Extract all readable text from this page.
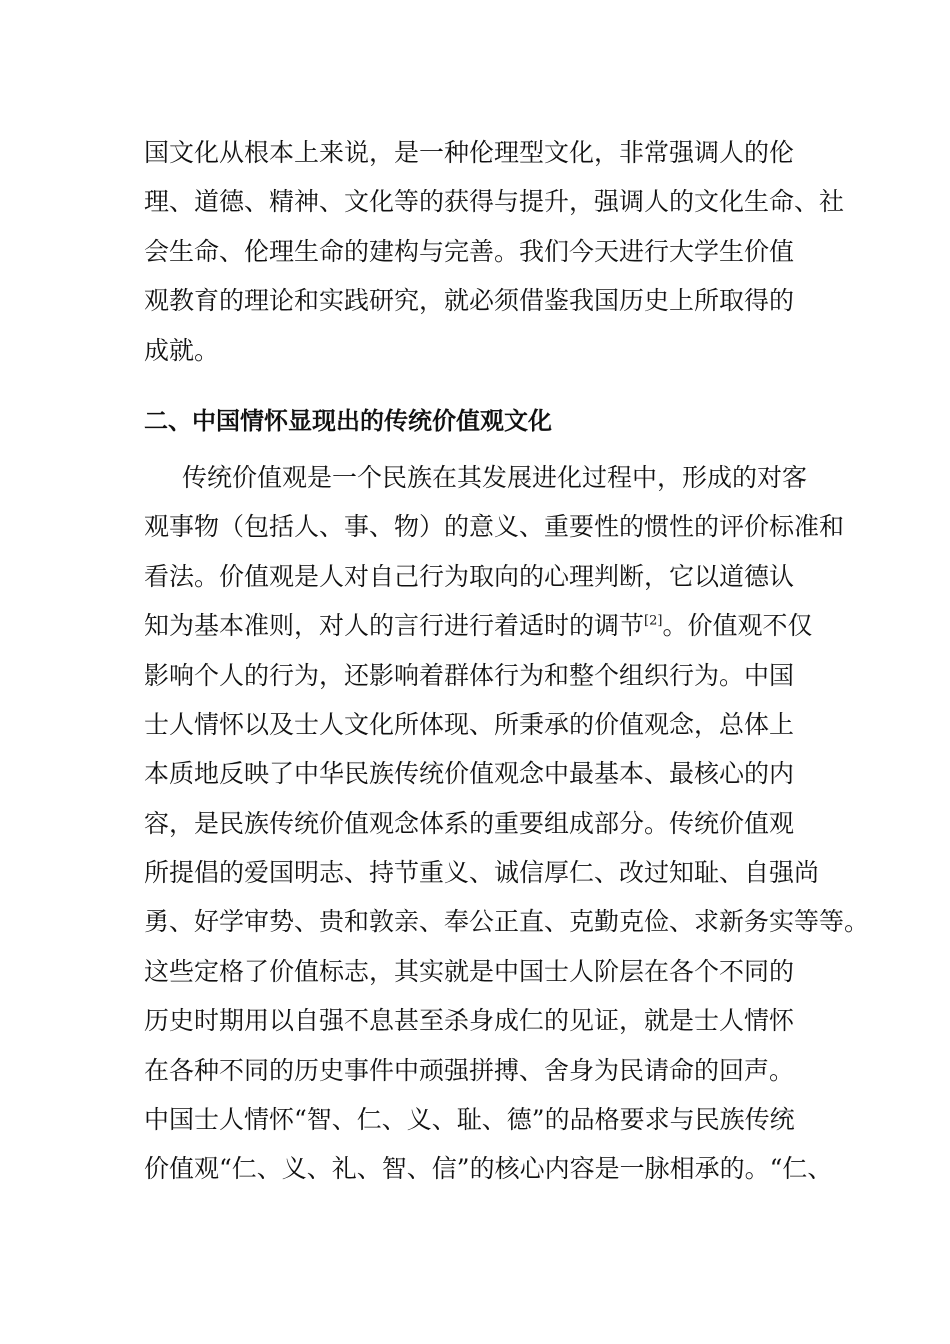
国文化从根本上来说，是一种伦理型文化，非常强调人的伦
理、道德、精神、文化等的获得与提升，强调人的文化生命、社
会生命、伦理生命的建构与完善。我们今天进行大学生价值
观教育的理论和实践研究，就必须借鉴我国历史上所取得的
成就。
二、中国情怀显现出的传统价值观文化
传统价值观是一个民族在其发展进化过程中，形成的对客
观事物（包括人、事、物）的意义、重要性的惯性的评价标准和
看法。价值观是人对自己行为取向的心理判断，它以道德认
知为基本准则，对人的言行进行着适时的调节[2]。价值观不仅
影响个人的行为，还影响着群体行为和整个组织行为。中国
士人情怀以及士人文化所体现、所秉承的价值观念，总体上
本质地反映了中华民族传统价值观念中最基本、最核心的内
容，是民族传统价值观念体系的重要组成部分。传统价值观
所提倡的爱国明志、持节重义、诚信厚仁、改过知耻、自强尚
勇、好学审势、贵和敦亲、奉公正直、克勤克俭、求新务实等等。
这些定格了价值标志，其实就是中国士人阶层在各个不同的
历史时期用以自强不息甚至杀身成仁的见证，就是士人情怀
在各种不同的历史事件中顽强拼搏、舍身为民请命的回声。
中国士人情怀“智、仁、义、耻、德”的品格要求与民族传统
价值观“仁、义、礼、智、信”的核心内容是一脉相承的。“仁、
